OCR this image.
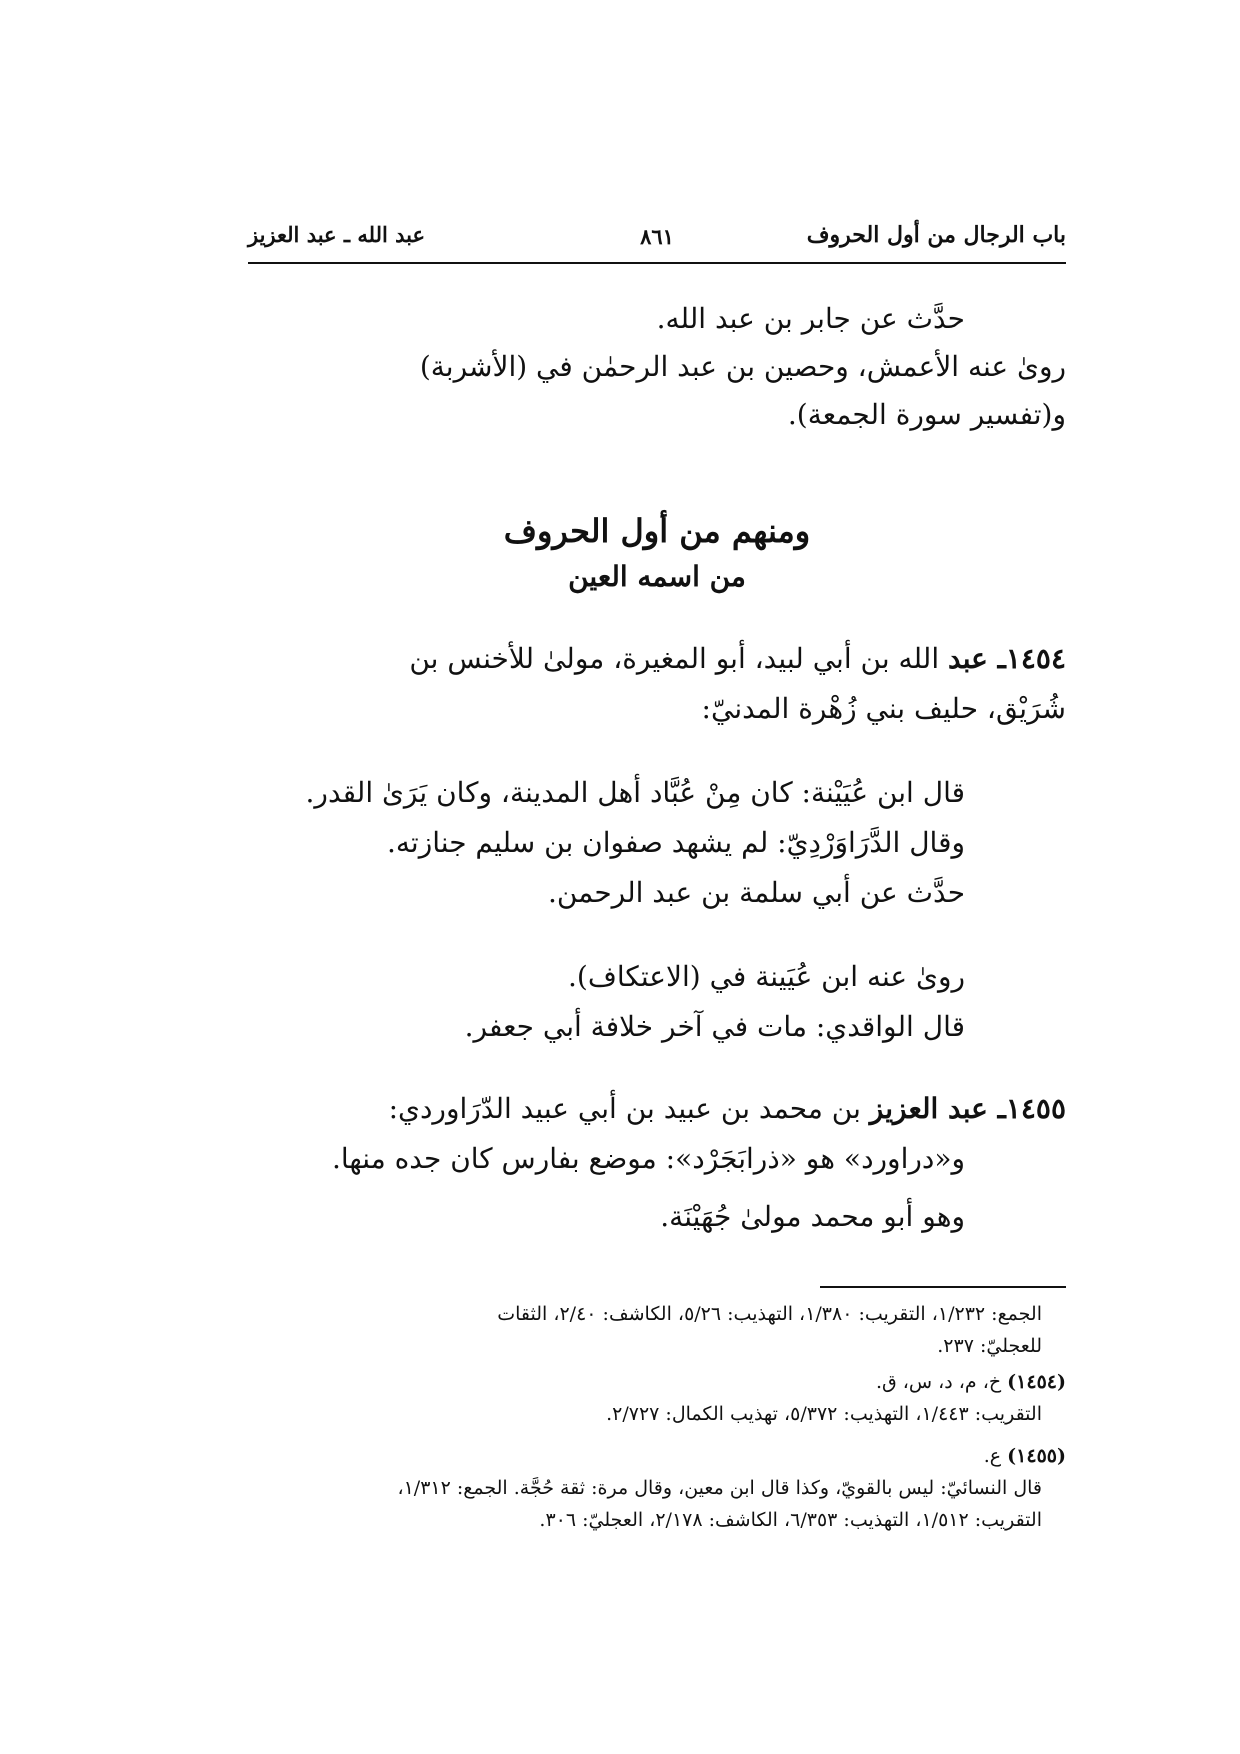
باب الرجال من أول الحروف
٨٦١
عبد الله ـ عبد العزيز
حدَّث عن جابر بن عبد الله.
روىٰ عنه الأعمش، وحصين بن عبد الرحمٰن في (الأشربة)
و(تفسير سورة الجمعة).
ومنهم من أول الحروف
من اسمه العين
١٤٥٤ـ عبد الله بن أبي لبيد، أبو المغيرة، مولىٰ للأخنس بن
شُرَيْق، حليف بني زُهْرة المدنيّ:
قال ابن عُيَيْنة: كان مِنْ عُبَّاد أهل المدينة، وكان يَرَىٰ القدر.
وقال الدَّرَاوَرْدِيّ: لم يشهد صفوان بن سليم جنازته.
حدَّث عن أبي سلمة بن عبد الرحمن.
روىٰ عنه ابن عُيَينة في (الاعتكاف).
قال الواقدي: مات في آخر خلافة أبي جعفر.
١٤٥٥ـ عبد العزيز بن محمد بن عبيد بن أبي عبيد الدّرَاوردي:
و«دراورد» هو «ذرابَجَرْد»: موضع بفارس كان جده منها.
وهو أبو محمد مولىٰ جُهَيْنَة.
الجمع: ١/٢٣٢، التقريب: ١/٣٨٠، التهذيب: ٥/٢٦، الكاشف: ٢/٤٠، الثقات
للعجليّ: ٢٣٧.
(١٤٥٤) خ، م، د، س، ق.
التقريب: ١/٤٤٣، التهذيب: ٥/٣٧٢، تهذيب الكمال: ٢/٧٢٧.
(١٤٥٥) ع.
قال النسائيّ: ليس بالقويّ، وكذا قال ابن معين، وقال مرة: ثقة حُجَّة. الجمع: ١/٣١٢،
التقريب: ١/٥١٢، التهذيب: ٦/٣٥٣، الكاشف: ٢/١٧٨، العجليّ: ٣٠٦.
